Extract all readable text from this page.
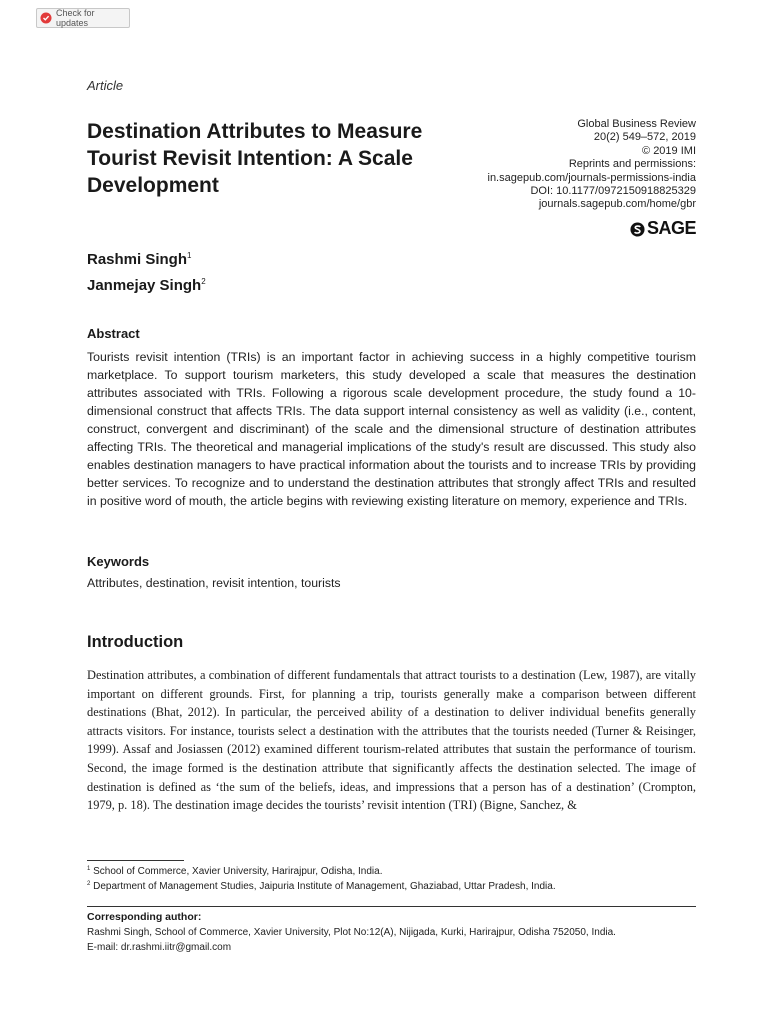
Check for updates
Article
Destination Attributes to Measure Tourist Revisit Intention: A Scale Development
Global Business Review
20(2) 549–572, 2019
© 2019 IMI
Reprints and permissions:
in.sagepub.com/journals-permissions-india
DOI: 10.1177/0972150918825329
journals.sagepub.com/home/gbr
SAGE
Rashmi Singh$^1$
Janmejay Singh$^2$
Abstract

Tourists revisit intention (TRIs) is an important factor in achieving success in a highly competitive tourism marketplace. To support tourism marketers, this study developed a scale that measures the destination attributes associated with TRIs. Following a rigorous scale development procedure, the study found a 10-dimensional construct that affects TRIs. The data support internal consistency as well as validity (i.e., content, construct, convergent and discriminant) of the scale and the dimensional structure of destination attributes affecting TRIs. The theoretical and managerial implications of the study's result are discussed. This study also enables destination managers to have practical information about the tourists and to increase TRIs by providing better services. To recognize and to understand the destination attributes that strongly affect TRIs and resulted in positive word of mouth, the article begins with reviewing existing literature on memory, experience and TRIs.

Keywords
Attributes, destination, revisit intention, tourists
Introduction

Destination attributes, a combination of different fundamentals that attract tourists to a destination (Lew, 1987), are vitally important on different grounds. First, for planning a trip, tourists generally make a comparison between different destinations (Bhat, 2012). In particular, the perceived ability of a destination to deliver individual benefits generally attracts visitors. For instance, tourists select a destination with the attributes that the tourists needed (Turner & Reisinger, 1999). Assaf and Josiassen (2012) examined different tourism-related attributes that sustain the performance of tourism. Second, the image formed is the destination attribute that significantly affects the destination selected. The image of destination is defined as ‘the sum of the beliefs, ideas, and impressions that a person has of a destination’ (Crompton, 1979, p. 18). The destination image decides the tourists’ revisit intention (TRI) (Bigne, Sanchez, &

$^1$ School of Commerce, Xavier University, Harirajpur, Odisha, India.
$^2$ Department of Management Studies, Jaipuria Institute of Management, Ghaziabad, Uttar Pradesh, India.
Corresponding author:
Rashmi Singh, School of Commerce, Xavier University, Plot No:12(A), Nijigada, Kurki, Harirajpur, Odisha 752050, India.
E-mail: dr.rashmi.iitr@gmail.com
